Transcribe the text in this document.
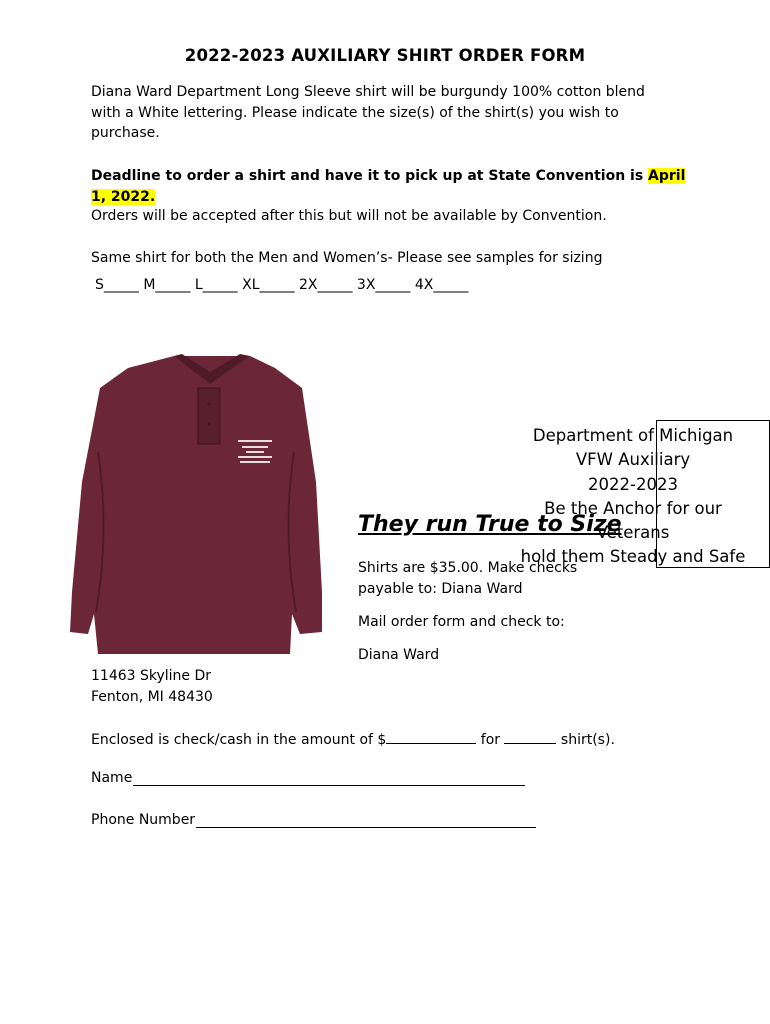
2022-2023 AUXILIARY SHIRT ORDER FORM
Diana Ward Department Long Sleeve shirt will be burgundy 100% cotton blend with a White lettering. Please indicate the size(s) of the shirt(s) you wish to purchase.
Deadline to order a shirt and have it to pick up at State Convention is April 1, 2022.
Orders will be accepted after this but will not be available by Convention.
Same shirt for both the Men and Women’s- Please see samples for sizing
S_____ M_____ L_____ XL_____ 2X_____ 3X_____ 4X_____
Department of Michigan
VFW Auxiliary
2022-2023
Be the Anchor for our
Veterans
hold them Steady and Safe
They run True to Size
Shirts are $35.00. Make checks
payable to: Diana Ward
Mail order form and check to:
Diana Ward
11463 Skyline Dr
Fenton, MI 48430
Enclosed is check/cash in the amount of $	for	shirt(s).
Name
Phone Number
